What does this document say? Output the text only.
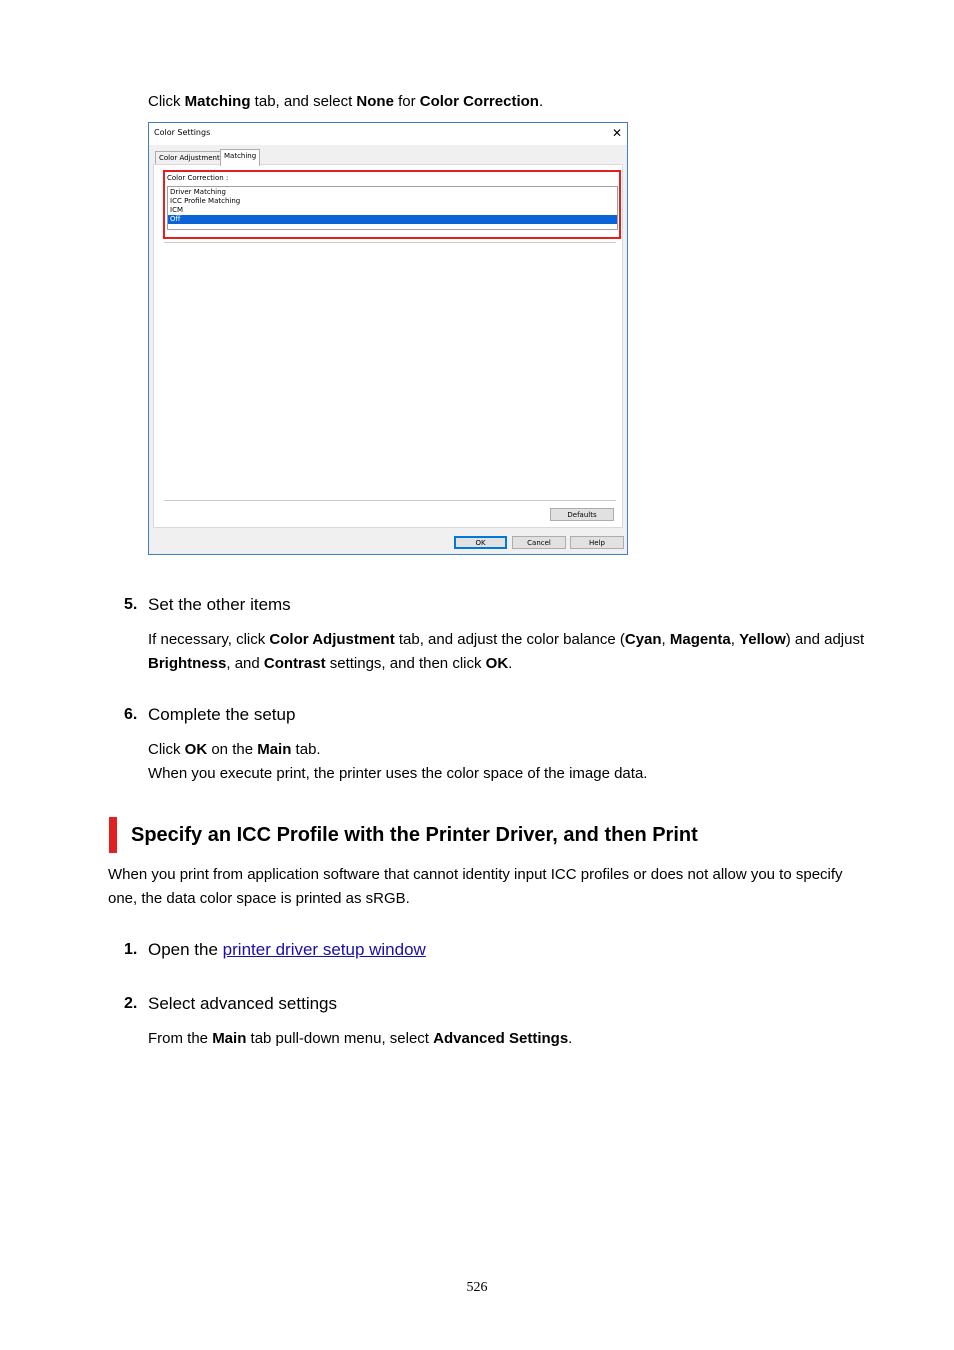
Click Matching tab, and select None for Color Correction.

Color Settings	✕
Color Adjustment Matching
Color Correction :
Driver Matching
ICC Profile Matching
ICM
Off
Defaults
OK	Cancel	Help
5. Set the other items

If necessary, click Color Adjustment tab, and adjust the color balance (Cyan, Magenta, Yellow) and adjust Brightness, and Contrast settings, and then click OK.

6. Complete the setup

Click OK on the Main tab.

When you execute print, the printer uses the color space of the image data.

Specify an ICC Profile with the Printer Driver, and then Print

When you print from application software that cannot identity input ICC profiles or does not allow you to specify one, the data color space is printed as sRGB.

1. Open the printer driver setup window
2. Select advanced settings

From the Main tab pull-down menu, select Advanced Settings.

526
